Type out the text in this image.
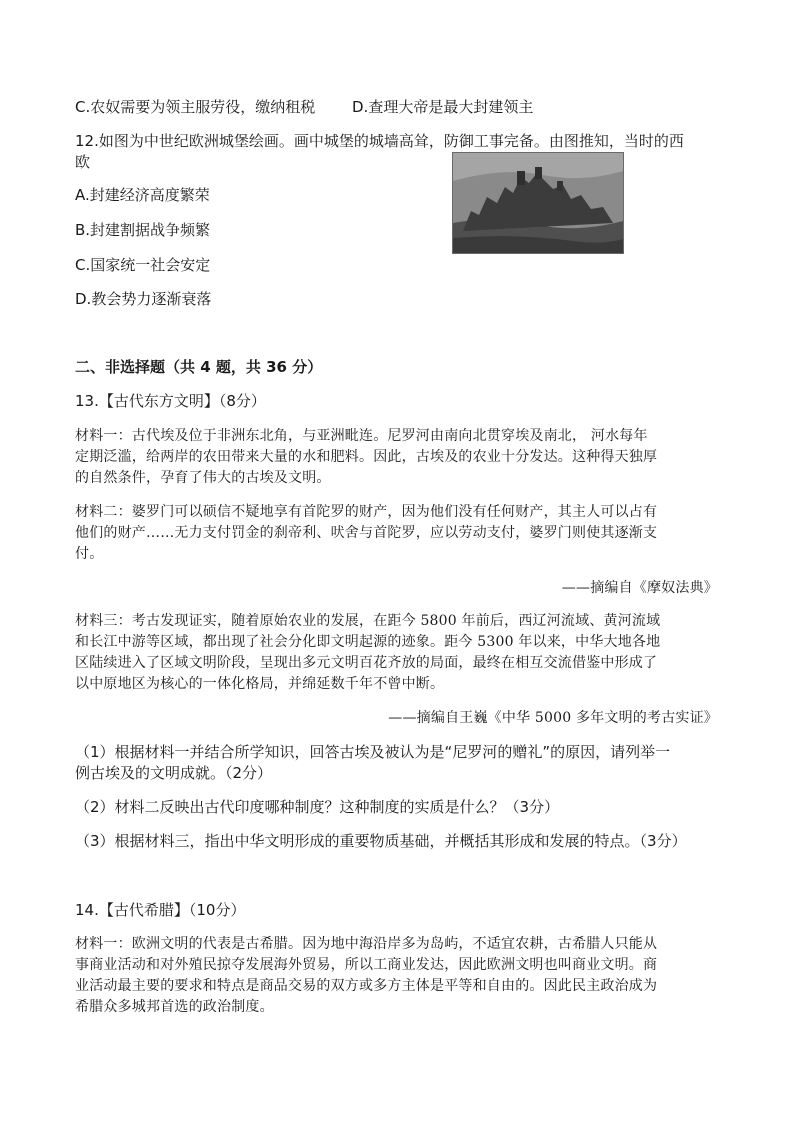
C.农奴需要为领主服劳役，缴纳租税 D.查理大帝是最大封建领主
12.如图为中世纪欧洲城堡绘画。画中城堡的城墙高耸，防御工事完备。由图推知，当时的西
欧
A.封建经济高度繁荣
B.封建割据战争频繁
C.国家统一社会安定
D.教会势力逐渐衰落
二、非选择题（共 4 题，共 36 分）
13.【古代东方文明】（8分）
材料一：古代埃及位于非洲东北角，与亚洲毗连。尼罗河由南向北贯穿埃及南北， 河水每年
定期泛滥，给两岸的农田带来大量的水和肥料。因此，古埃及的农业十分发达。这种得天独厚
的自然条件，孕育了伟大的古埃及文明。
材料二：婆罗门可以硕信不疑地享有首陀罗的财产，因为他们没有任何财产，其主人可以占有
他们的财产……无力支付罚金的刹帝利、吠舍与首陀罗，应以劳动支付，婆罗门则使其逐渐支
付。
——摘编自《摩奴法典》
材料三：考古发现证实，随着原始农业的发展，在距今 5800 年前后，西辽河流域、黄河流域
和长江中游等区域，都出现了社会分化即文明起源的迹象。距今 5300 年以来，中华大地各地
区陆续进入了区域文明阶段，呈现出多元文明百花齐放的局面，最终在相互交流借鉴中形成了
以中原地区为核心的一体化格局，并绵延数千年不曾中断。
——摘编自王巍《中华 5000 多年文明的考古实证》
（1）根据材料一并结合所学知识，回答古埃及被认为是“尼罗河的赠礼”的原因，请列举一
例古埃及的文明成就。（2分）
（2）材料二反映出古代印度哪种制度？这种制度的实质是什么？（3分）
（3）根据材料三，指出中华文明形成的重要物质基础，并概括其形成和发展的特点。（3分）
14.【古代希腊】（10分）
材料一：欧洲文明的代表是古希腊。因为地中海沿岸多为岛屿，不适宜农耕，古希腊人只能从
事商业活动和对外殖民掠夺发展海外贸易，所以工商业发达，因此欧洲文明也叫商业文明。商
业活动最主要的要求和特点是商品交易的双方或多方主体是平等和自由的。因此民主政治成为
希腊众多城邦首选的政治制度。
